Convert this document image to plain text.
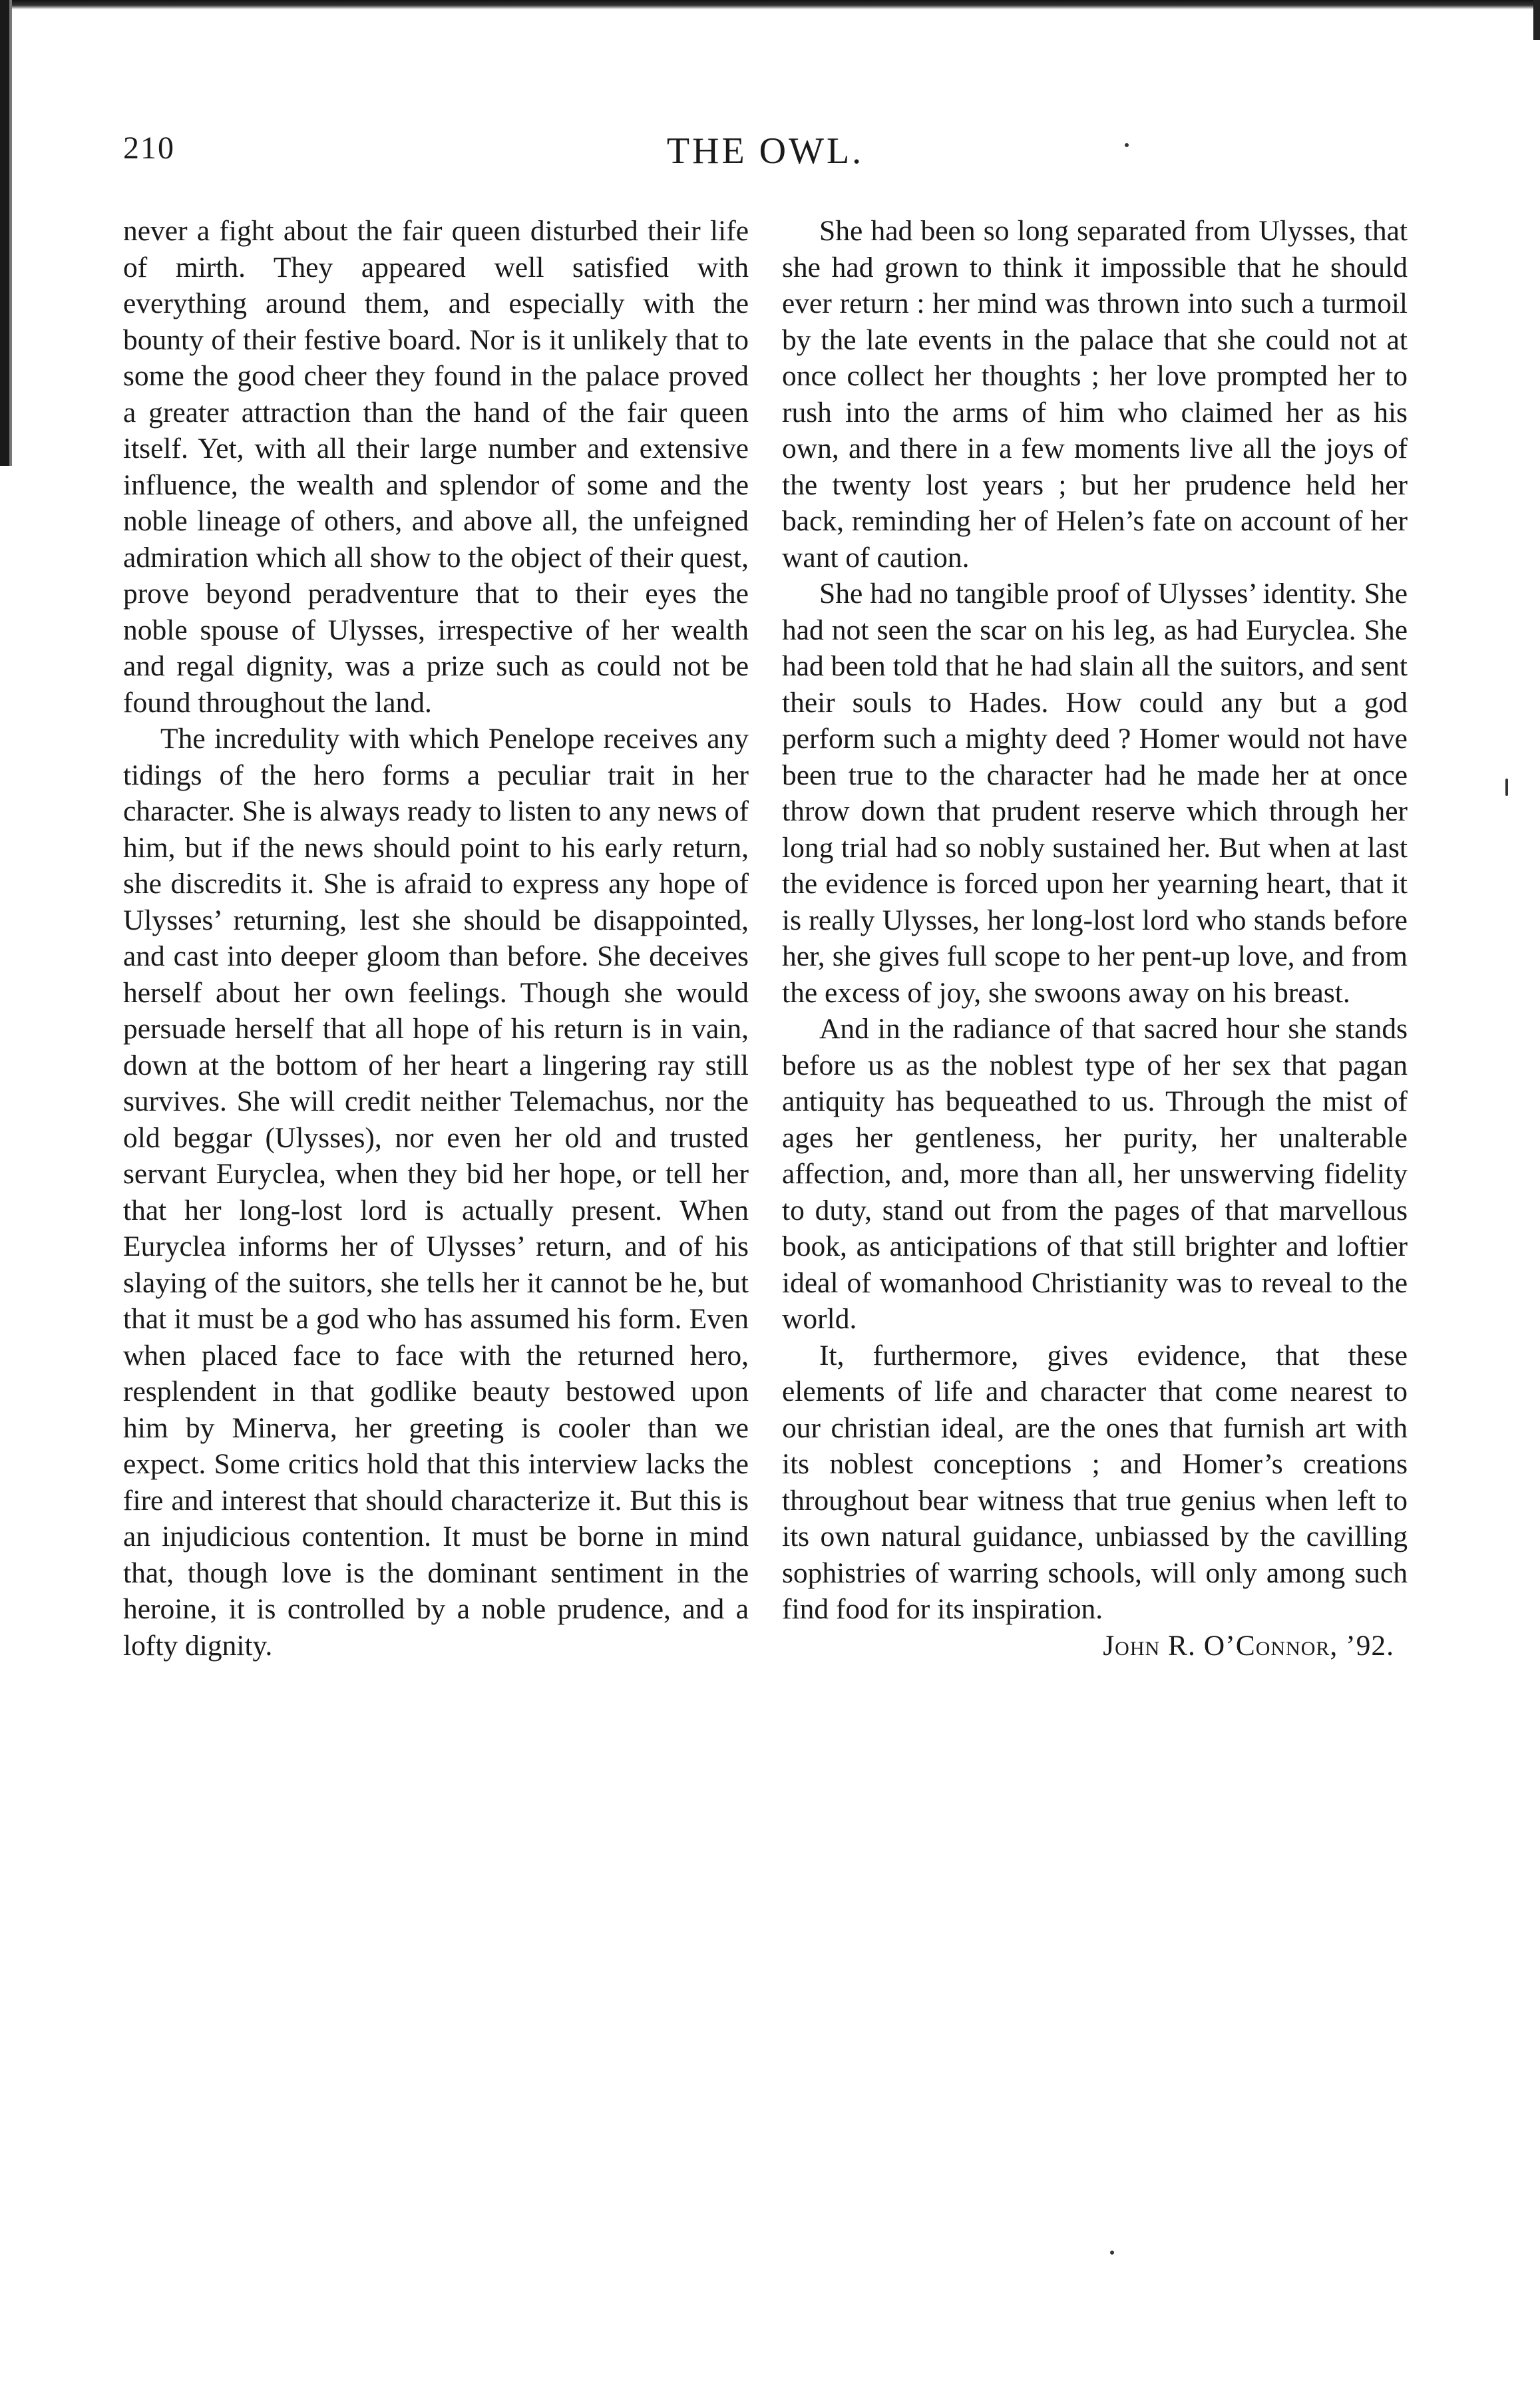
210	THE OWL.

never a fight about the fair queen disturbed their life of mirth. They appeared well satisfied with everything around them, and especially with the bounty of their festive board. Nor is it unlikely that to some the good cheer they found in the palace proved a greater attraction than the hand of the fair queen itself. Yet, with all their large number and extensive influence, the wealth and splendor of some and the noble lineage of others, and above all, the unfeigned admiration which all show to the object of their quest, prove beyond peradventure that to their eyes the noble spouse of Ulysses, irrespective of her wealth and regal dignity, was a prize such as could not be found throughout the land.

The incredulity with which Penelope receives any tidings of the hero forms a peculiar trait in her character. She is always ready to listen to any news of him, but if the news should point to his early return, she discredits it. She is afraid to express any hope of Ulysses’ returning, lest she should be disappointed, and cast into deeper gloom than before. She deceives herself about her own feelings. Though she would persuade herself that all hope of his return is in vain, down at the bottom of her heart a lingering ray still survives. She will credit neither Telemachus, nor the old beggar (Ulysses), nor even her old and trusted servant Euryclea, when they bid her hope, or tell her that her long-lost lord is actually present. When Euryclea informs her of Ulysses’ return, and of his slaying of the suitors, she tells her it cannot be he, but that it must be a god who has assumed his form. Even when placed face to face with the returned hero, resplendent in that godlike beauty bestowed upon him by Minerva, her greeting is cooler than we expect. Some critics hold that this interview lacks the fire and interest that should characterize it. But this is an injudicious contention. It must be borne in mind that, though love is the dominant sentiment in the heroine, it is controlled by a noble prudence, and a lofty dignity.

She had been so long separated from Ulysses, that she had grown to think it impossible that he should ever return : her mind was thrown into such a turmoil by the late events in the palace that she could not at once collect her thoughts ; her love prompted her to rush into the arms of him who claimed her as his own, and there in a few moments live all the joys of the twenty lost years ; but her prudence held her back, reminding her of Helen’s fate on account of her want of caution.

She had no tangible proof of Ulysses’ identity. She had not seen the scar on his leg, as had Euryclea. She had been told that he had slain all the suitors, and sent their souls to Hades. How could any but a god perform such a mighty deed ? Homer would not have been true to the character had he made her at once throw down that prudent reserve which through her long trial had so nobly sustained her. But when at last the evidence is forced upon her yearning heart, that it is really Ulysses, her long-lost lord who stands before her, she gives full scope to her pent-up love, and from the excess of joy, she swoons away on his breast.

And in the radiance of that sacred hour she stands before us as the noblest type of her sex that pagan antiquity has bequeathed to us. Through the mist of ages her gentleness, her purity, her unalterable affection, and, more than all, her unswerving fidelity to duty, stand out from the pages of that marvellous book, as anticipations of that still brighter and loftier ideal of womanhood Christianity was to reveal to the world.

It, furthermore, gives evidence, that these elements of life and character that come nearest to our christian ideal, are the ones that furnish art with its noblest conceptions ; and Homer’s creations throughout bear witness that true genius when left to its own natural guidance, unbiassed by the cavilling sophistries of warring schools, will only among such find food for its inspiration.

John R. O’Connor, ’92.
